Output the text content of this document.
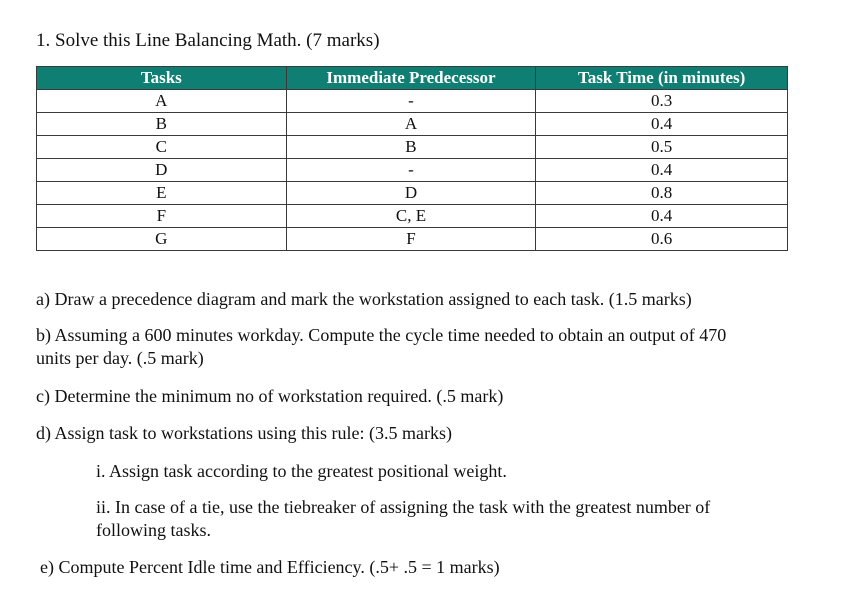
1. Solve this Line Balancing Math. (7 marks)
Tasks	Immediate Predecessor	Task Time (in minutes)
A	-	0.3
B	A	0.4
C	B	0.5
D	-	0.4
E	D	0.8
F	C, E	0.4
G	F	0.6

a) Draw a precedence diagram and mark the workstation assigned to each task. (1.5 marks)

b) Assuming a 600 minutes workday. Compute the cycle time needed to obtain an output of 470

units per day. (.5 mark)

c) Determine the minimum no of workstation required. (.5 mark)

d) Assign task to workstations using this rule: (3.5 marks)

i. Assign task according to the greatest positional weight.

ii. In case of a tie, use the tiebreaker of assigning the task with the greatest number of

following tasks.

e) Compute Percent Idle time and Efficiency. (.5+ .5 = 1 marks)
